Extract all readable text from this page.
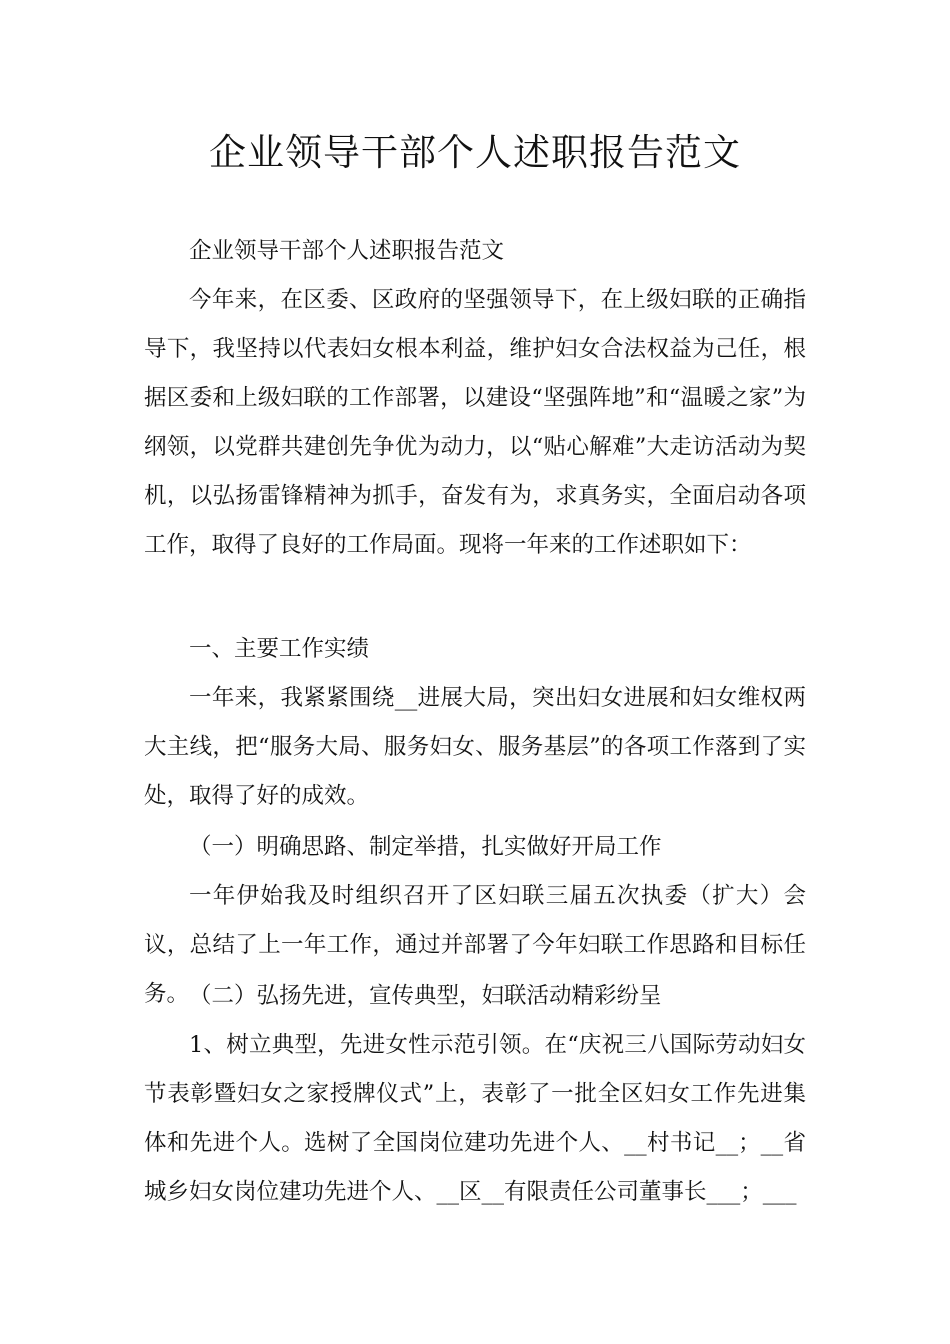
企业领导干部个人述职报告范文

企业领导干部个人述职报告范文

今年来，在区委、区政府的坚强领导下，在上级妇联的正确指导下，我坚持以代表妇女根本利益，维护妇女合法权益为己任，根据区委和上级妇联的工作部署，以建设“坚强阵地”和“温暖之家”为纲领，以党群共建创先争优为动力，以“贴心解难”大走访活动为契机，以弘扬雷锋精神为抓手，奋发有为，求真务实，全面启动各项工作，取得了良好的工作局面。现将一年来的工作述职如下：

一、主要工作实绩

一年来，我紧紧围绕__进展大局，突出妇女进展和妇女维权两大主线，把“服务大局、服务妇女、服务基层”的各项工作落到了实处，取得了好的成效。

（一）明确思路、制定举措，扎实做好开局工作

一年伊始我及时组织召开了区妇联三届五次执委（扩大）会议，总结了上一年工作，通过并部署了今年妇联工作思路和目标任务。 （二）弘扬先进，宣传典型，妇联活动精彩纷呈

1、树立典型，先进女性示范引领。在“庆祝三八国际劳动妇女节表彰暨妇女之家授牌仪式”上，表彰了一批全区妇女工作先进集体和先进个人。选树了全国岗位建功先进个人、__村书记__；__省城乡妇女岗位建功先进个人、__区__有限责任公司董事长___；___
